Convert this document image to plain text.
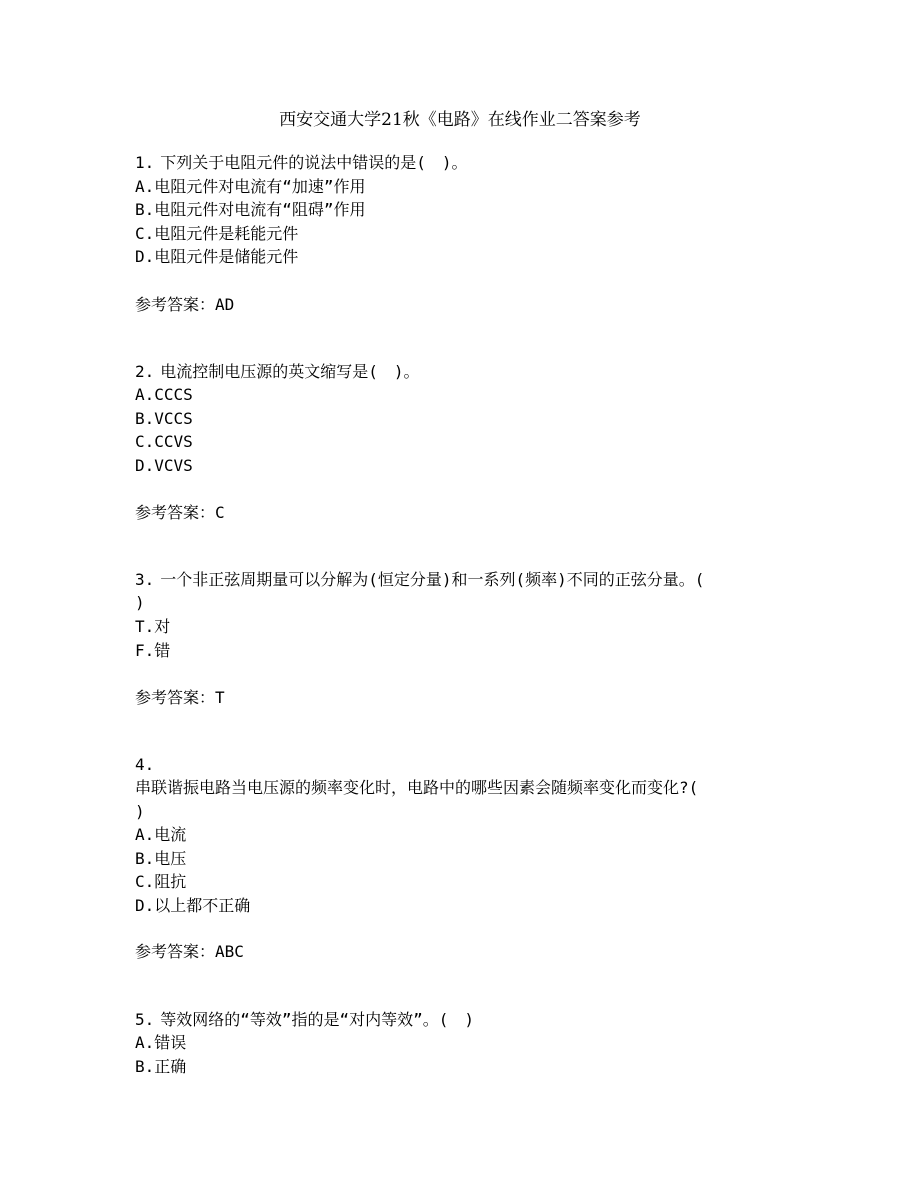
西安交通大学21秋《电路》在线作业二答案参考
1. 下列关于电阻元件的说法中错误的是(　)。
A.电阻元件对电流有“加速”作用
B.电阻元件对电流有“阻碍”作用
C.电阻元件是耗能元件
D.电阻元件是储能元件
参考答案：AD
2. 电流控制电压源的英文缩写是(　)。
A.CCCS
B.VCCS
C.CCVS
D.VCVS
参考答案：C
3. 一个非正弦周期量可以分解为(恒定分量)和一系列(频率)不同的正弦分量。(
)
T.对
F.错
参考答案：T
4.
串联谐振电路当电压源的频率变化时，电路中的哪些因素会随频率变化而变化?(
)
A.电流
B.电压
C.阻抗
D.以上都不正确
参考答案：ABC
5. 等效网络的“等效”指的是“对内等效”。(　)
A.错误
B.正确
